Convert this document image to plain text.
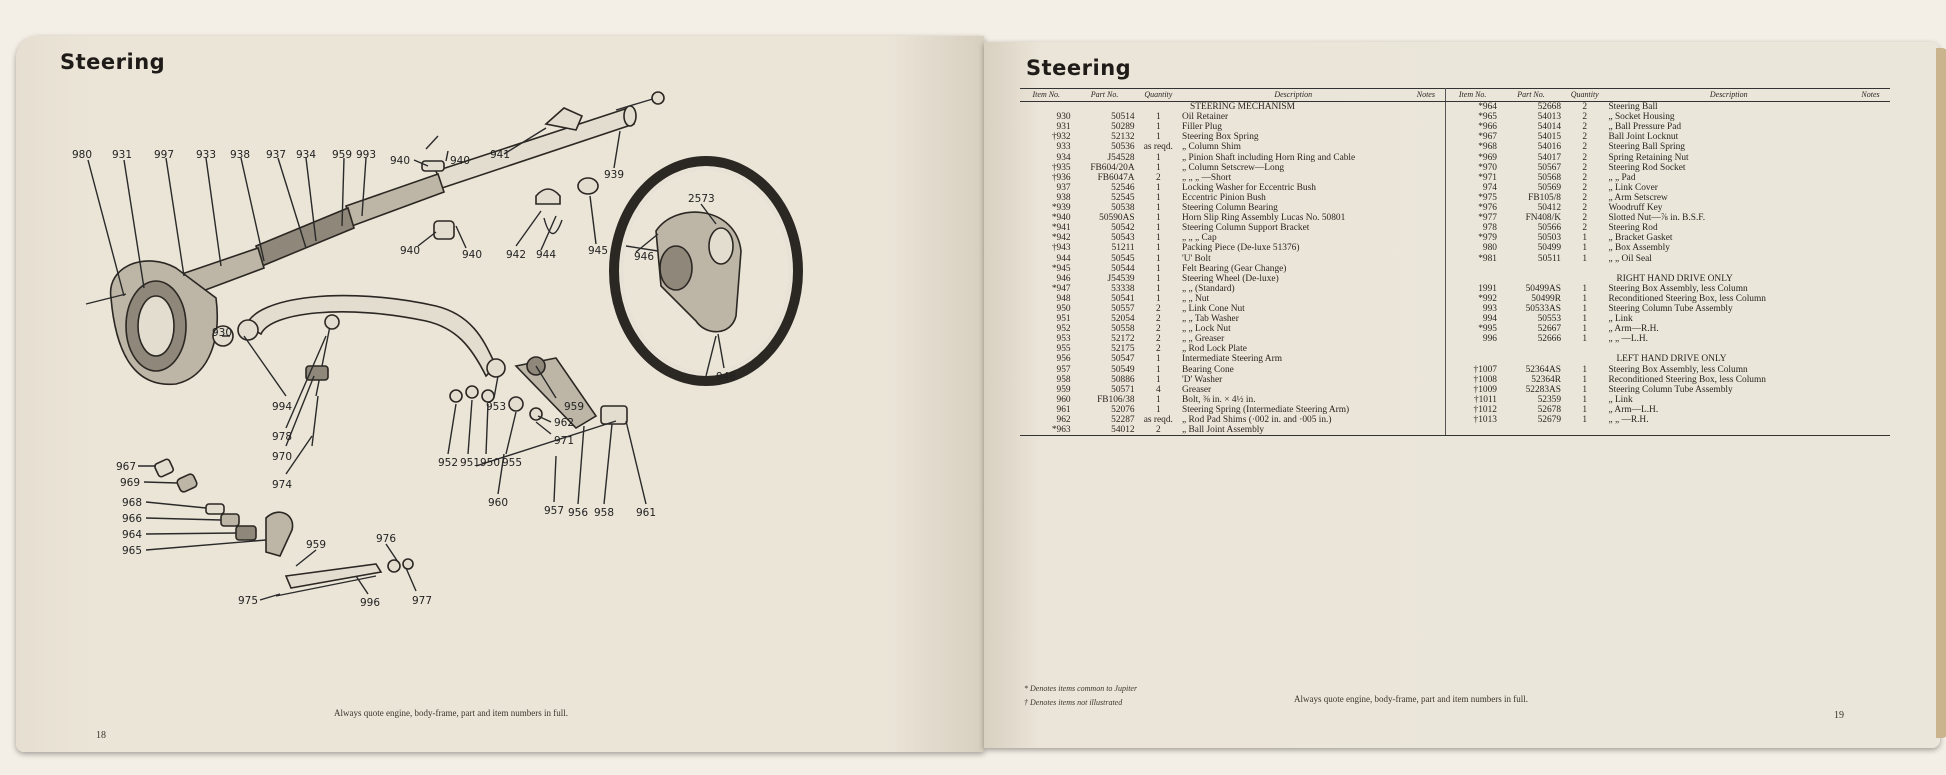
Steering
980 931 997 933 938 937 934 959 993 940	940 941
939
940	940 942 944	945 946
2573
948
930
994
978
970
974
953	959
952 951 950 955
962
971
960
957 956 958 961
967
969
968
966
964
965	959	976
975	996	977
Always quote engine, body-frame, part and item numbers in full.
18
Steering
Item No.	Part No.	Quantity	Description	Notes	Item No.	Part No.	Quantity	Description	Notes
			STEERING MECHANISM		*964	52668	2	Steering Ball	
930	50514	1	Oil Retainer		*965	54013	2	„ Socket Housing	
931	50289	1	Filler Plug		*966	54014	2	„ Ball Pressure Pad	
†932	52132	1	Steering Box Spring		*967	54015	2	Ball Joint Locknut	
933	50536	as reqd.	„ Column Shim		*968	54016	2	Steering Ball Spring	
934	J54528	1	„ Pinion Shaft including Horn Ring and Cable		*969	54017	2	Spring Retaining Nut	
†935	FB604/20A	1	„ Column Setscrew—Long		*970	50567	2	Steering Rod Socket	
†936	FB6047A	2	„ „ „ —Short		*971	50568	2	„ „ Pad	
937	52546	1	Locking Washer for Eccentric Bush		974	50569	2	„ Link Cover	
938	52545	1	Eccentric Pinion Bush		*975	FB105/8	2	„ Arm Setscrew	
*939	50538	1	Steering Column Bearing		*976	50412	2	Woodruff Key	
*940	50590AS	1	Horn Slip Ring Assembly Lucas No. 50801		*977	FN408/K	2	Slotted Nut—⅞ in. B.S.F.	
*941	50542	1	Steering Column Support Bracket		978	50566	2	Steering Rod	
*942	50543	1	„ „ „ Cap		*979	50503	1	„ Bracket Gasket	
†943	51211	1	Packing Piece (De-luxe 51376)		980	50499	1	„ Box Assembly	
944	50545	1	'U' Bolt		*981	50511	1	„ „ Oil Seal	
*945	50544	1	Felt Bearing (Gear Change)						
946	J54539	1	Steering Wheel (De-luxe)					RIGHT HAND DRIVE ONLY	
*947	53338	1	„ „ (Standard)		1991	50499AS	1	Steering Box Assembly, less Column	
948	50541	1	„ „ Nut		*992	50499R	1	Reconditioned Steering Box, less Column	
950	50557	2	„ Link Cone Nut		993	50533AS	1	Steering Column Tube Assembly	
951	52054	2	„ „ Tab Washer		994	50553	1	„ Link	
952	50558	2	„ „ Lock Nut		*995	52667	1	„ Arm—R.H.	
953	52172	2	„ „ Greaser		996	52666	1	„ „ —L.H.	
955	52175	2	„ Rod Lock Plate						
956	50547	1	Intermediate Steering Arm					LEFT HAND DRIVE ONLY	
957	50549	1	Bearing Cone		†1007	52364AS	1	Steering Box Assembly, less Column	
958	50886	1	'D' Washer		†1008	52364R	1	Reconditioned Steering Box, less Column	
959	50571	4	Greaser		†1009	52283AS	1	Steering Column Tube Assembly	
960	FB106/38	1	Bolt, ⅜ in. × 4½ in.		†1011	52359	1	„ Link	
961	52076	1	Steering Spring (Intermediate Steering Arm)		†1012	52678	1	„ Arm—L.H.	
962	52287	as reqd.	„ Rod Pad Shims (·002 in. and ·005 in.)		†1013	52679	1	„ „ —R.H.	
*963	54012	2	„ Ball Joint Assembly						
* Denotes items common to Jupiter
† Denotes items not illustrated	Always quote engine, body-frame, part and item numbers in full.
19
